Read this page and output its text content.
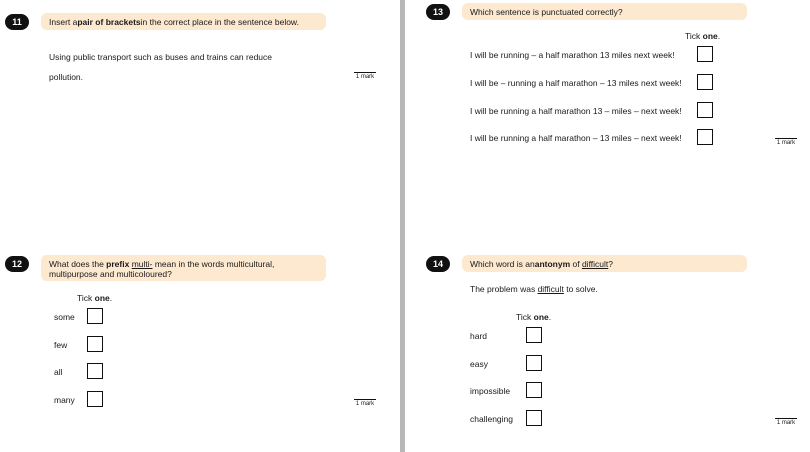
11	Insert a pair of brackets in the correct place in the sentence below.
Using public transport such as buses and trains can reduce
pollution.	1 mark
12	What does the prefix multi- mean in the words multicultural,
multipurpose and multicoloured?
Tick one.
some
few
all
many	1 mark
13	Which sentence is punctuated correctly?
Tick one.
I will be running – a half marathon 13 miles next week!
I will be – running a half marathon – 13 miles next week!
I will be running a half marathon 13 – miles – next week!
I will be running a half marathon – 13 miles – next week!	1 mark
14	Which word is an antonym of difficult ?
The problem was difficult to solve.
Tick one.
hard
easy
impossible
challenging	1 mark
